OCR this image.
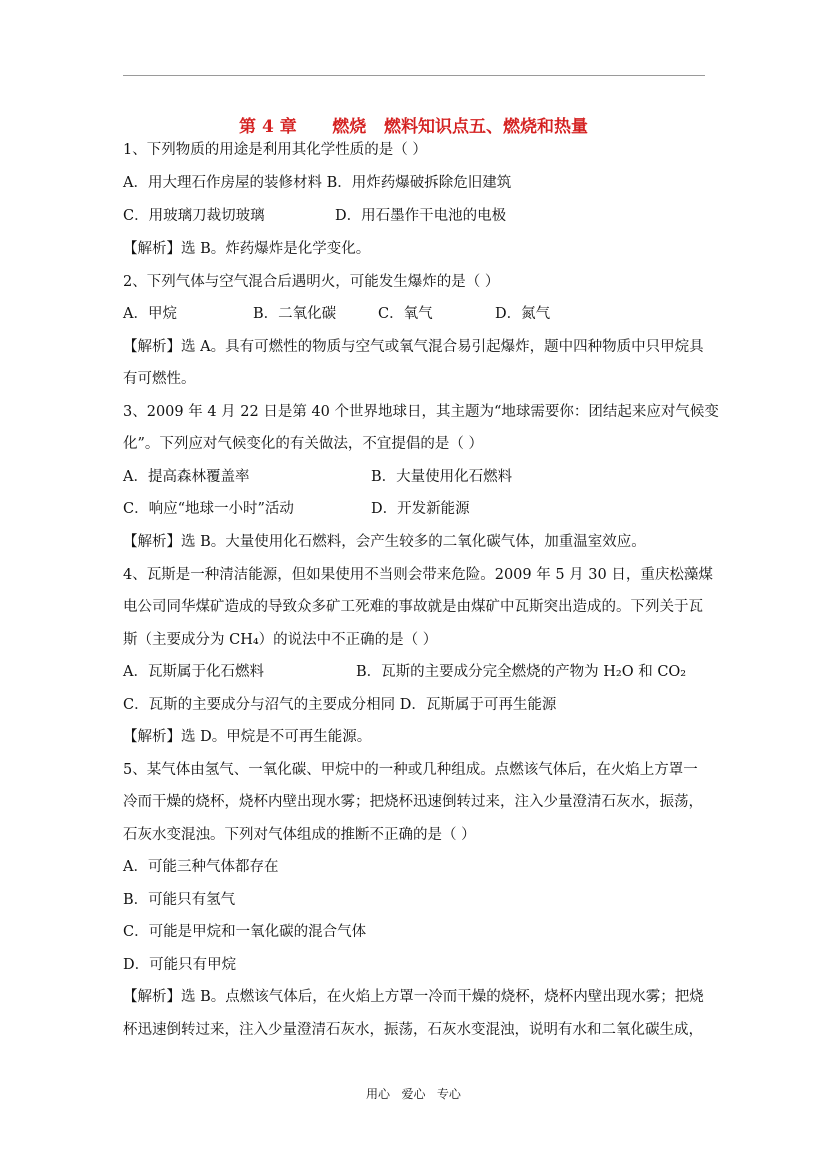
第 4 章      燃烧   燃料知识点五、燃烧和热量
1、下列物质的用途是利用其化学性质的是（ ）
A．用大理石作房屋的装修材料 B．用炸药爆破拆除危旧建筑
C．用玻璃刀裁切玻璃	D．用石墨作干电池的电极
【解析】选 B。炸药爆炸是化学变化。
2、下列气体与空气混合后遇明火，可能发生爆炸的是（ ）
A．甲烷	B．二氧化碳	C．氧气	D．氮气
【解析】选 A。具有可燃性的物质与空气或氧气混合易引起爆炸，题中四种物质中只甲烷具
有可燃性。
3、2009 年 4 月 22 日是第 40 个世界地球日，其主题为“地球需要你：团结起来应对气候变
化”。下列应对气候变化的有关做法，不宜提倡的是（ ）
A．提高森林覆盖率	B．大量使用化石燃料
C．响应“地球一小时”活动	D．开发新能源
【解析】选 B。大量使用化石燃料，会产生较多的二氧化碳气体，加重温室效应。
4、瓦斯是一种清洁能源，但如果使用不当则会带来危险。2009 年 5 月 30 日，重庆松藻煤
电公司同华煤矿造成的导致众多矿工死难的事故就是由煤矿中瓦斯突出造成的。下列关于瓦
斯（主要成分为 CH₄）的说法中不正确的是（ ）
A．瓦斯属于化石燃料	B．瓦斯的主要成分完全燃烧的产物为 H₂O 和 CO₂
C．瓦斯的主要成分与沼气的主要成分相同 D．瓦斯属于可再生能源
【解析】选 D。甲烷是不可再生能源。
5、某气体由氢气、一氧化碳、甲烷中的一种或几种组成。点燃该气体后，在火焰上方罩一
冷而干燥的烧杯，烧杯内壁出现水雾；把烧杯迅速倒转过来，注入少量澄清石灰水，振荡，
石灰水变混浊。下列对气体组成的推断不正确的是（ ）
A．可能三种气体都存在
B．可能只有氢气
C．可能是甲烷和一氧化碳的混合气体
D．可能只有甲烷
【解析】选 B。点燃该气体后，在火焰上方罩一冷而干燥的烧杯，烧杯内壁出现水雾；把烧
杯迅速倒转过来，注入少量澄清石灰水，振荡，石灰水变混浊，说明有水和二氧化碳生成，
用心   爱心   专心
